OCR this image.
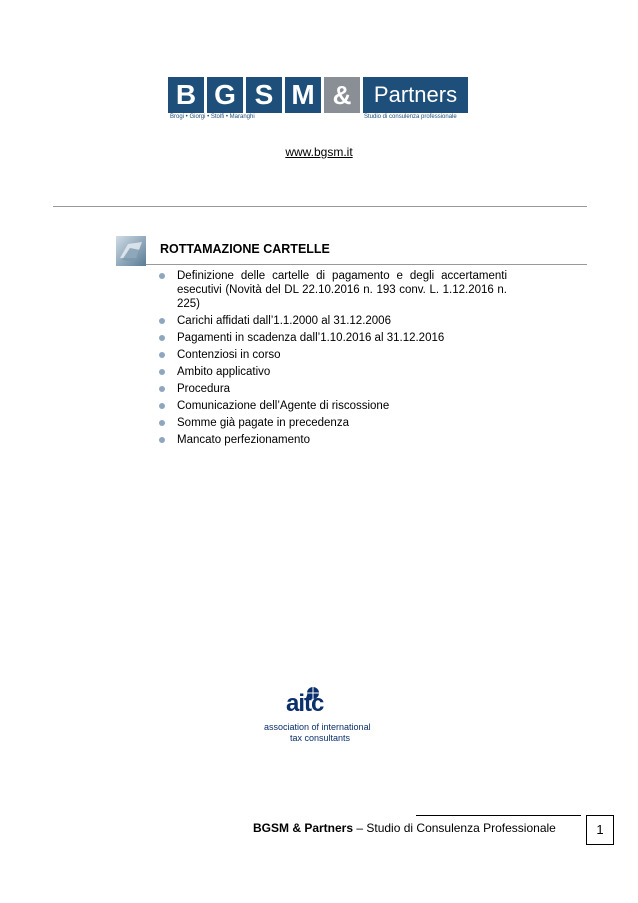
B G S M &	Partners
Brogi • Giorgi • Stolfi • Maranghi	Studio di consulenza professionale
www.bgsm.it
ROTTAMAZIONE CARTELLE
Definizione delle cartelle di pagamento e degli accertamenti esecutivi (Novità del DL 22.10.2016 n. 193 conv. L. 1.12.2016 n. 225)
Carichi affidati dall’1.1.2000 al 31.12.2006
Pagamenti in scadenza dall’1.10.2016 al 31.12.2016
Contenziosi in corso
Ambito applicativo
Procedura
Comunicazione dell’Agente di riscossione
Somme già pagate in precedenza
Mancato perfezionamento
aitc
association of international
tax consultants
BGSM & Partners – Studio di Consulenza Professionale	1
